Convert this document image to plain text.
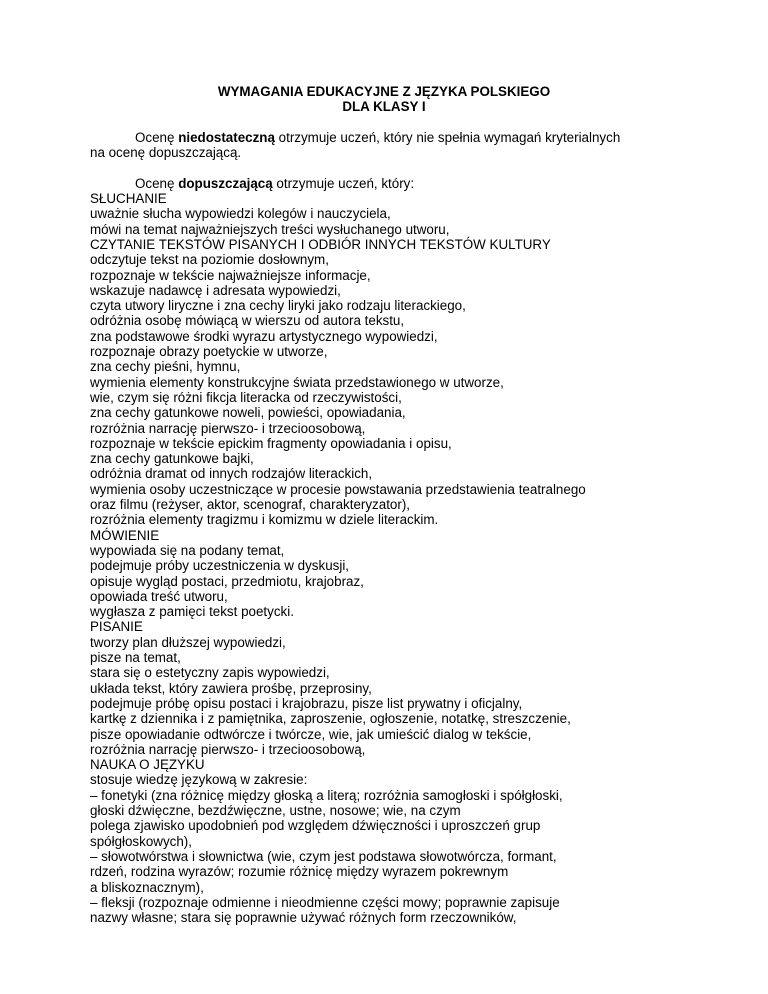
WYMAGANIA EDUKACYJNE Z JĘZYKA POLSKIEGO
DLA KLASY I
Ocenę niedostateczną otrzymuje uczeń, który nie spełnia wymagań kryterialnych
na ocenę dopuszczającą.
Ocenę dopuszczającą otrzymuje uczeń, który:
SŁUCHANIE
uważnie słucha wypowiedzi kolegów i nauczyciela,
mówi na temat najważniejszych treści wysłuchanego utworu,
CZYTANIE TEKSTÓW PISANYCH I ODBIÓR INNYCH TEKSTÓW KULTURY
odczytuje tekst na poziomie dosłownym,
rozpoznaje w tekście najważniejsze informacje,
wskazuje nadawcę i adresata wypowiedzi,
czyta utwory liryczne i zna cechy liryki jako rodzaju literackiego,
odróżnia osobę mówiącą w wierszu od autora tekstu,
zna podstawowe środki wyrazu artystycznego wypowiedzi,
rozpoznaje obrazy poetyckie w utworze,
zna cechy pieśni, hymnu,
wymienia elementy konstrukcyjne świata przedstawionego w utworze,
wie, czym się różni fikcja literacka od rzeczywistości,
zna cechy gatunkowe noweli, powieści, opowiadania,
rozróżnia narrację pierwszo- i trzecioosobową,
rozpoznaje w tekście epickim fragmenty opowiadania i opisu,
zna cechy gatunkowe bajki,
odróżnia dramat od innych rodzajów literackich,
wymienia osoby uczestniczące w procesie powstawania przedstawienia teatralnego
oraz filmu (reżyser, aktor, scenograf, charakteryzator),
rozróżnia elementy tragizmu i komizmu w dziele literackim.
MÓWIENIE
wypowiada się na podany temat,
podejmuje próby uczestniczenia w dyskusji,
opisuje wygląd postaci, przedmiotu, krajobraz,
opowiada treść utworu,
wygłasza z pamięci tekst poetycki.
PISANIE
tworzy plan dłuższej wypowiedzi,
pisze na temat,
stara się o estetyczny zapis wypowiedzi,
układa tekst, który zawiera prośbę, przeprosiny,
podejmuje próbę opisu postaci i krajobrazu, pisze list prywatny i oficjalny,
kartkę z dziennika i z pamiętnika, zaproszenie, ogłoszenie, notatkę, streszczenie,
pisze opowiadanie odtwórcze i twórcze, wie, jak umieścić dialog w tekście,
rozróżnia narrację pierwszo- i trzecioosobową,
NAUKA O JĘZYKU
stosuje wiedzę językową w zakresie:
– fonetyki (zna różnicę między głoską a literą; rozróżnia samogłoski i spółgłoski,
głoski dźwięczne, bezdźwięczne, ustne, nosowe; wie, na czym
polega zjawisko upodobnień pod względem dźwięczności i uproszczeń grup
spółgłoskowych),
– słowotwórstwa i słownictwa (wie, czym jest podstawa słowotwórcza, formant,
rdzeń, rodzina wyrazów; rozumie różnicę między wyrazem pokrewnym
a bliskoznacznym),
– fleksji (rozpoznaje odmienne i nieodmienne części mowy; poprawnie zapisuje
nazwy własne; stara się poprawnie używać różnych form rzeczowników,
